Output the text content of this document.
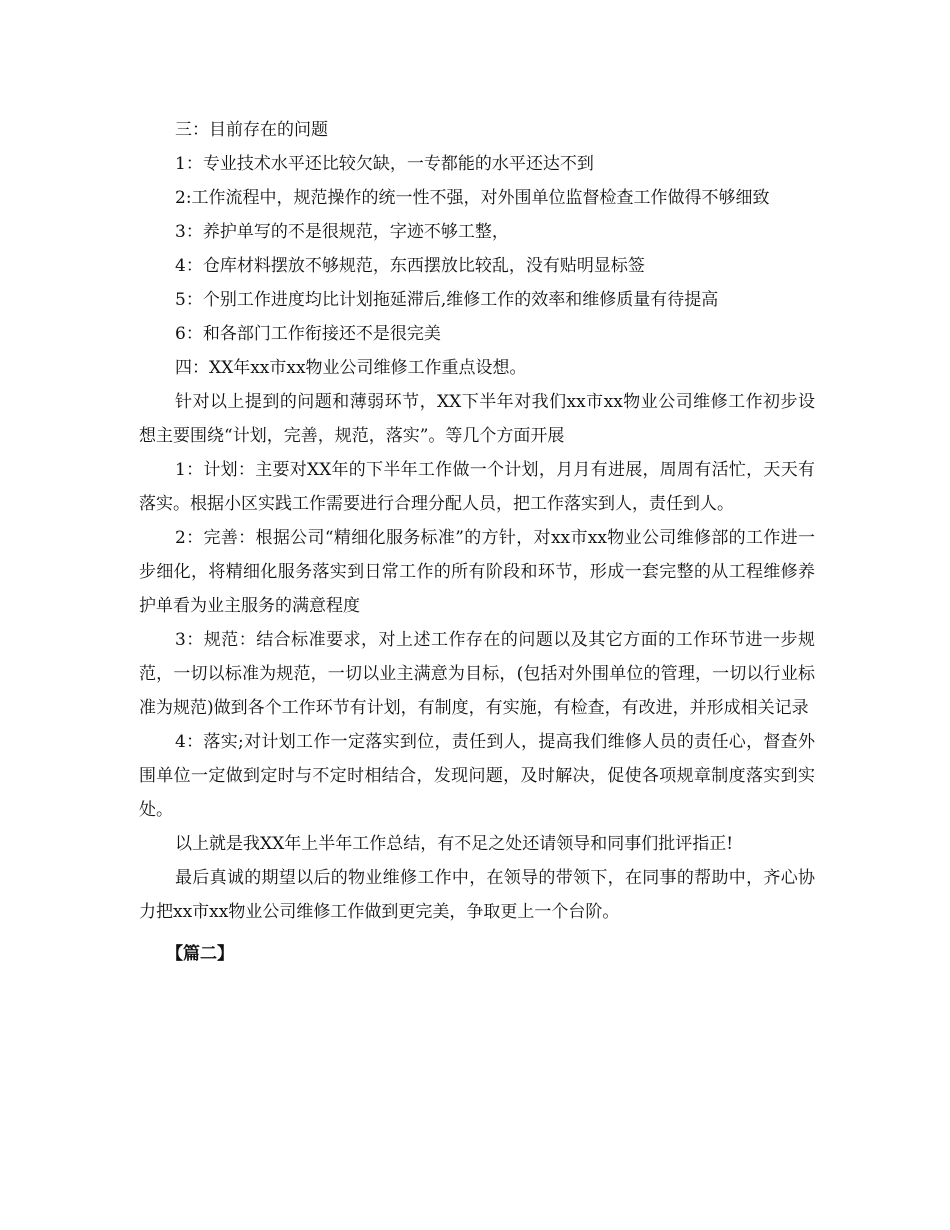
三：目前存在的问题

1：专业技术水平还比较欠缺，一专都能的水平还达不到

2:工作流程中，规范操作的统一性不强，对外围单位监督检查工作做得不够细致

3：养护单写的不是很规范，字迹不够工整，

4：仓库材料摆放不够规范，东西摆放比较乱，没有贴明显标签

5：个别工作进度均比计划拖延滞后,维修工作的效率和维修质量有待提高

6：和各部门工作衔接还不是很完美

四：XX年xx市xx物业公司维修工作重点设想。

针对以上提到的问题和薄弱环节，XX下半年对我们xx市xx物业公司维修工作初步设想主要围绕“计划，完善，规范，落实”。等几个方面开展

1：计划：主要对XX年的下半年工作做一个计划，月月有进展，周周有活忙，天天有落实。根据小区实践工作需要进行合理分配人员，把工作落实到人，责任到人。

2：完善：根据公司“精细化服务标准”的方针，对xx市xx物业公司维修部的工作进一步细化，将精细化服务落实到日常工作的所有阶段和环节，形成一套完整的从工程维修养护单看为业主服务的满意程度

3：规范：结合标准要求，对上述工作存在的问题以及其它方面的工作环节进一步规范，一切以标准为规范，一切以业主满意为目标，(包括对外围单位的管理，一切以行业标准为规范)做到各个工作环节有计划，有制度，有实施，有检查，有改进，并形成相关记录

4：落实;对计划工作一定落实到位，责任到人，提高我们维修人员的责任心，督查外围单位一定做到定时与不定时相结合，发现问题，及时解决，促使各项规章制度落实到实处。

以上就是我XX年上半年工作总结，有不足之处还请领导和同事们批评指正!

最后真诚的期望以后的物业维修工作中，在领导的带领下，在同事的帮助中，齐心协力把xx市xx物业公司维修工作做到更完美，争取更上一个台阶。

【篇二】
